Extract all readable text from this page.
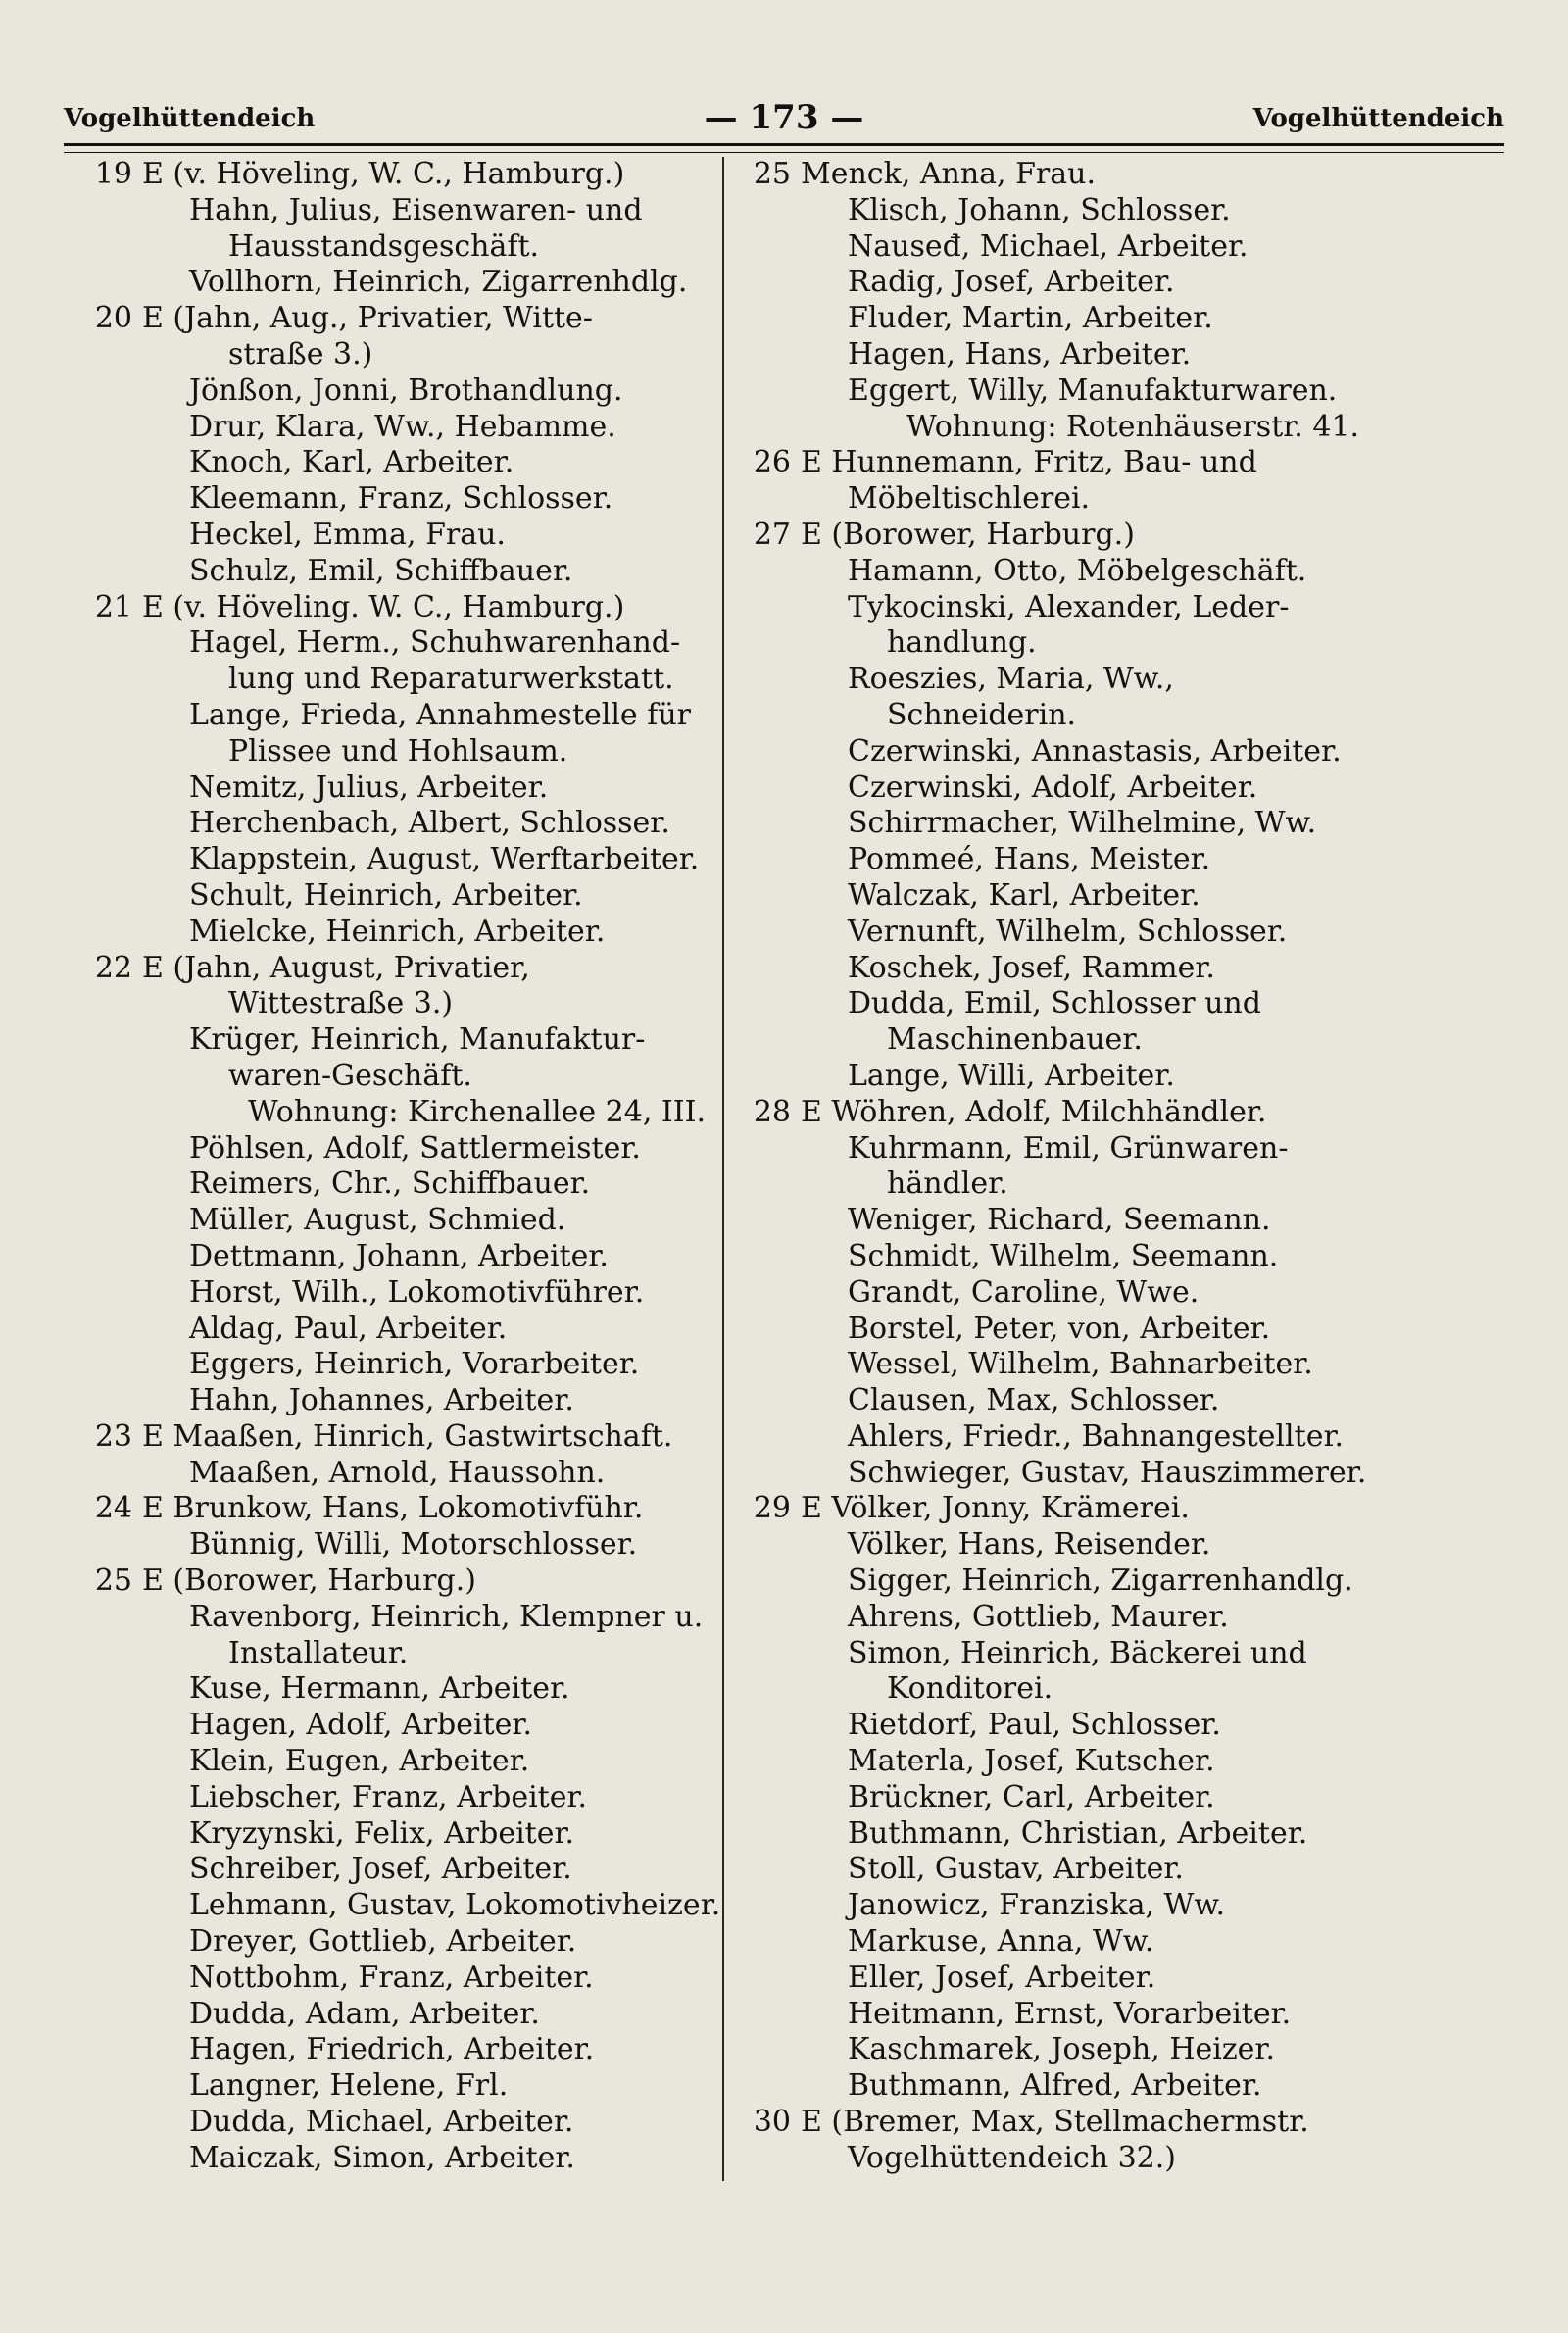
Vogelhüttendeich	— 173 —	Vogelhüttendeich
19 E (v. Höveling, W. C., Hamburg.)
Hahn, Julius, Eisenwaren- und
Hausstandsgeschäft.
Vollhorn, Heinrich, Zigarrenhdlg.
20 E (Jahn, Aug., Privatier, Witte-
straße 3.)
Jönßon, Jonni, Brothandlung.
Drur, Klara, Ww., Hebamme.
Knoch, Karl, Arbeiter.
Kleemann, Franz, Schlosser.
Heckel, Emma, Frau.
Schulz, Emil, Schiffbauer.
21 E (v. Höveling. W. C., Hamburg.)
Hagel, Herm., Schuhwarenhand-
lung und Reparaturwerkstatt.
Lange, Frieda, Annahmestelle für
Plissee und Hohlsaum.
Nemitz, Julius, Arbeiter.
Herchenbach, Albert, Schlosser.
Klappstein, August, Werftarbeiter.
Schult, Heinrich, Arbeiter.
Mielcke, Heinrich, Arbeiter.
22 E (Jahn, August, Privatier,
Wittestraße 3.)
Krüger, Heinrich, Manufaktur-
waren-Geschäft.
Wohnung: Kirchenallee 24, III.
Pöhlsen, Adolf, Sattlermeister.
Reimers, Chr., Schiffbauer.
Müller, August, Schmied.
Dettmann, Johann, Arbeiter.
Horst, Wilh., Lokomotivführer.
Aldag, Paul, Arbeiter.
Eggers, Heinrich, Vorarbeiter.
Hahn, Johannes, Arbeiter.
23 E Maaßen, Hinrich, Gastwirtschaft.
Maaßen, Arnold, Haussohn.
24 E Brunkow, Hans, Lokomotivführ.
Bünnig, Willi, Motorschlosser.
25 E (Borower, Harburg.)
Ravenborg, Heinrich, Klempner u.
Installateur.
Kuse, Hermann, Arbeiter.
Hagen, Adolf, Arbeiter.
Klein, Eugen, Arbeiter.
Liebscher, Franz, Arbeiter.
Kryzynski, Felix, Arbeiter.
Schreiber, Josef, Arbeiter.
Lehmann, Gustav, Lokomotivheizer.
Dreyer, Gottlieb, Arbeiter.
Nottbohm, Franz, Arbeiter.
Dudda, Adam, Arbeiter.
Hagen, Friedrich, Arbeiter.
Langner, Helene, Frl.
Dudda, Michael, Arbeiter.
Maiczak, Simon, Arbeiter.
25 Menck, Anna, Frau.
Klisch, Johann, Schlosser.
Nauseđ, Michael, Arbeiter.
Radig, Josef, Arbeiter.
Fluder, Martin, Arbeiter.
Hagen, Hans, Arbeiter.
Eggert, Willy, Manufakturwaren.
Wohnung: Rotenhäuserstr. 41.
26 E Hunnemann, Fritz, Bau- und
Möbeltischlerei.
27 E (Borower, Harburg.)
Hamann, Otto, Möbelgeschäft.
Tykocinski, Alexander, Leder-
handlung.
Roeszies, Maria, Ww.,
Schneiderin.
Czerwinski, Annastasis, Arbeiter.
Czerwinski, Adolf, Arbeiter.
Schirrmacher, Wilhelmine, Ww.
Pommeé, Hans, Meister.
Walczak, Karl, Arbeiter.
Vernunft, Wilhelm, Schlosser.
Koschek, Josef, Rammer.
Dudda, Emil, Schlosser und
Maschinenbauer.
Lange, Willi, Arbeiter.
28 E Wöhren, Adolf, Milchhändler.
Kuhrmann, Emil, Grünwaren-
händler.
Weniger, Richard, Seemann.
Schmidt, Wilhelm, Seemann.
Grandt, Caroline, Wwe.
Borstel, Peter, von, Arbeiter.
Wessel, Wilhelm, Bahnarbeiter.
Clausen, Max, Schlosser.
Ahlers, Friedr., Bahnangestellter.
Schwieger, Gustav, Hauszimmerer.
29 E Völker, Jonny, Krämerei.
Völker, Hans, Reisender.
Sigger, Heinrich, Zigarrenhandlg.
Ahrens, Gottlieb, Maurer.
Simon, Heinrich, Bäckerei und
Konditorei.
Rietdorf, Paul, Schlosser.
Materla, Josef, Kutscher.
Brückner, Carl, Arbeiter.
Buthmann, Christian, Arbeiter.
Stoll, Gustav, Arbeiter.
Janowicz, Franziska, Ww.
Markuse, Anna, Ww.
Eller, Josef, Arbeiter.
Heitmann, Ernst, Vorarbeiter.
Kaschmarek, Joseph, Heizer.
Buthmann, Alfred, Arbeiter.
30 E (Bremer, Max, Stellmachermstr.
Vogelhüttendeich 32.)
